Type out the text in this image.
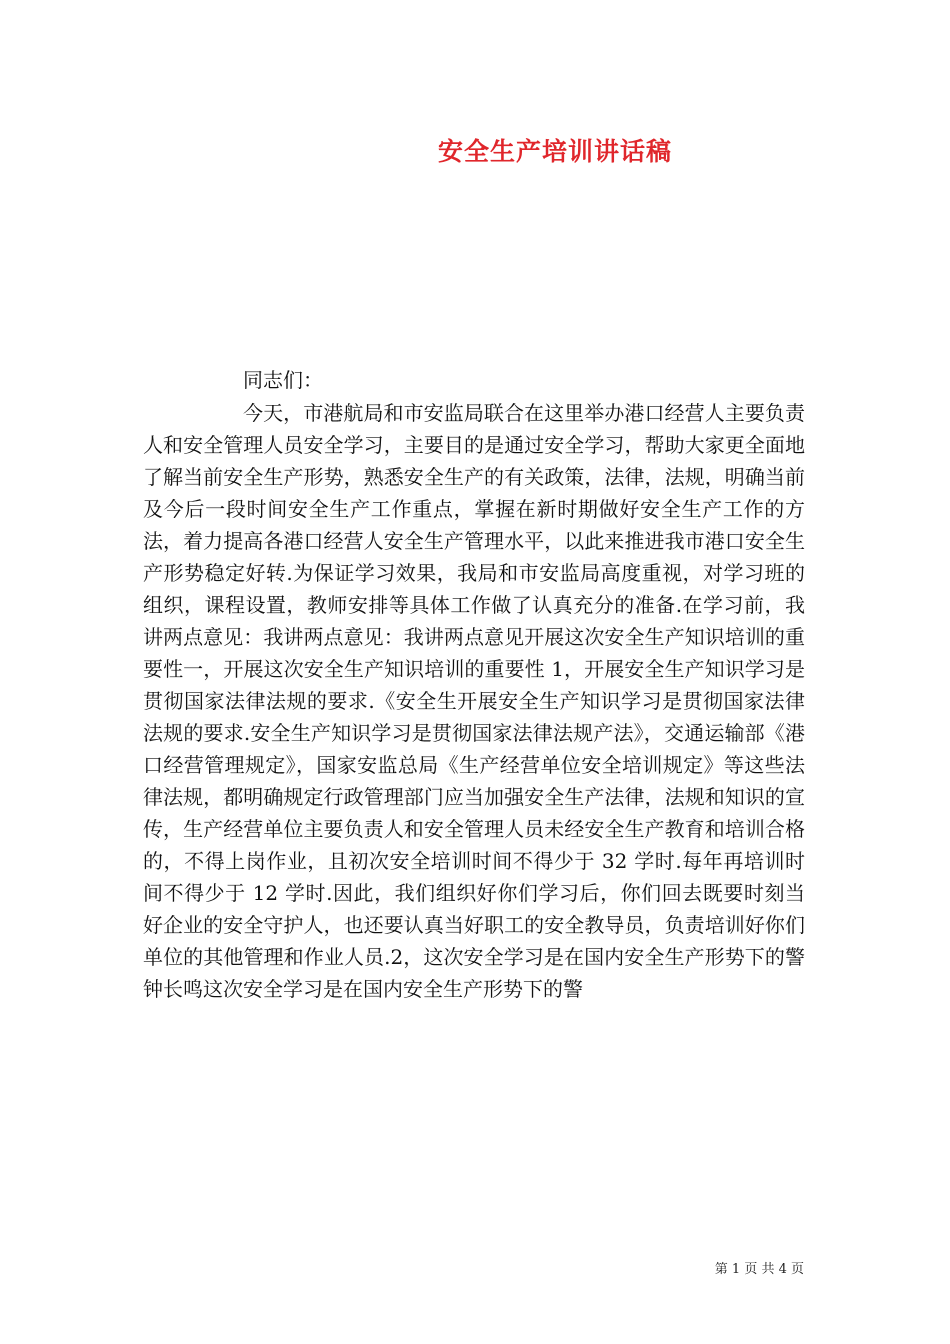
安全生产培训讲话稿
同志们：

今天，市港航局和市安监局联合在这里举办港口经营人主要负责人和安全管理人员安全学习，主要目的是通过安全学习，帮助大家更全面地了解当前安全生产形势，熟悉安全生产的有关政策，法律，法规，明确当前及今后一段时间安全生产工作重点，掌握在新时期做好安全生产工作的方法，着力提高各港口经营人安全生产管理水平，以此来推进我市港口安全生产形势稳定好转.为保证学习效果，我局和市安监局高度重视，对学习班的组织，课程设置，教师安排等具体工作做了认真充分的准备.在学习前，我讲两点意见：我讲两点意见：我讲两点意见开展这次安全生产知识培训的重要性一，开展这次安全生产知识培训的重要性 1，开展安全生产知识学习是贯彻国家法律法规的要求.《安全生开展安全生产知识学习是贯彻国家法律法规的要求.安全生产知识学习是贯彻国家法律法规产法》，交通运输部《港口经营管理规定》，国家安监总局《生产经营单位安全培训规定》等这些法律法规，都明确规定行政管理部门应当加强安全生产法律，法规和知识的宣传，生产经营单位主要负责人和安全管理人员未经安全生产教育和培训合格的，不得上岗作业，且初次安全培训时间不得少于 32 学时.每年再培训时间不得少于 12 学时.因此，我们组织好你们学习后，你们回去既要时刻当好企业的安全守护人，也还要认真当好职工的安全教导员，负责培训好你们单位的其他管理和作业人员.2，这次安全学习是在国内安全生产形势下的警钟长鸣这次安全学习是在国内安全生产形势下的警

第 1 页 共 4 页
